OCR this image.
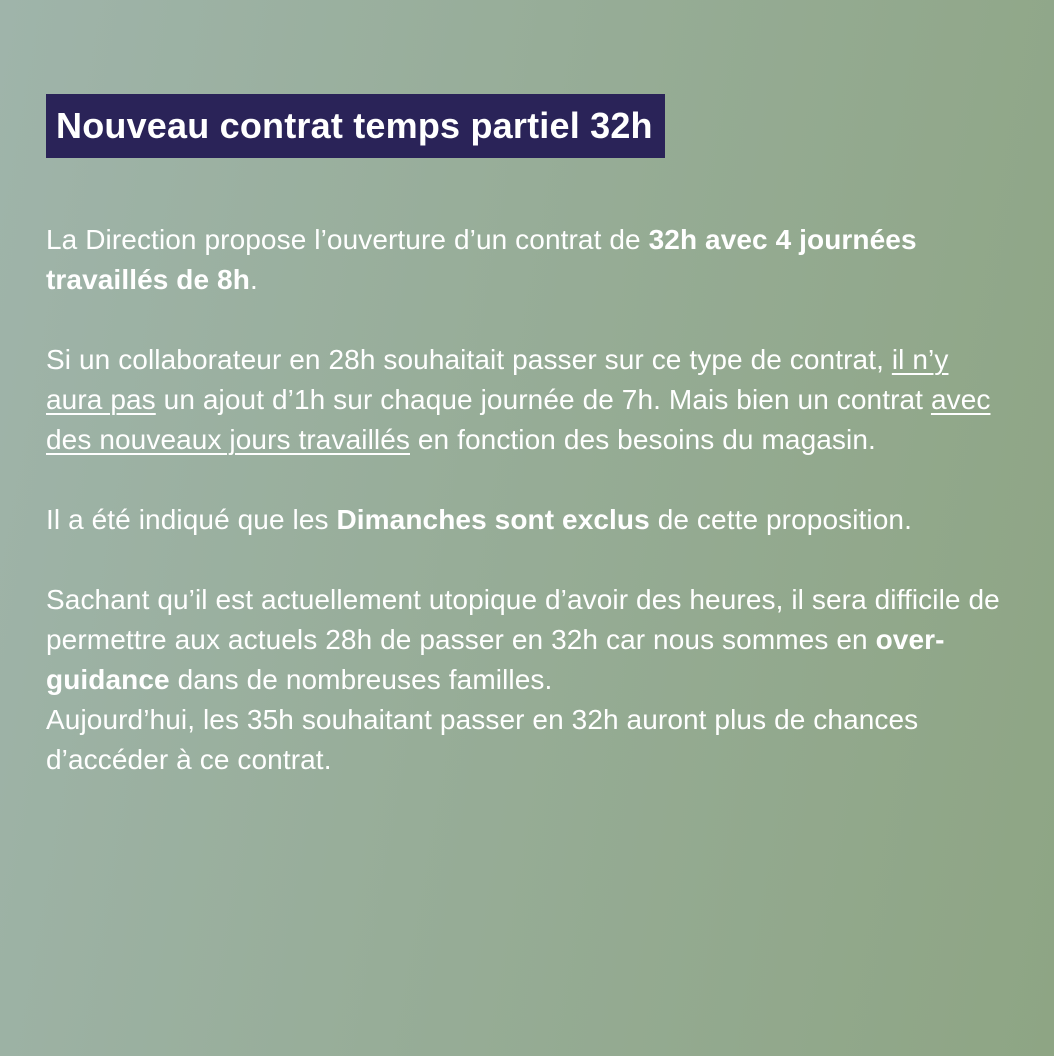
Nouveau contrat temps partiel 32h

La Direction propose l’ouverture d’un contrat de 32h avec 4 journées travaillés de 8h.

Si un collaborateur en 28h souhaitait passer sur ce type de contrat, il n’y aura pas un ajout d’1h sur chaque journée de 7h. Mais bien un contrat avec des nouveaux jours travaillés en fonction des besoins du magasin.

Il a été indiqué que les Dimanches sont exclus de cette proposition.

Sachant qu’il est actuellement utopique d’avoir des heures, il sera difficile de permettre aux actuels 28h de passer en 32h car nous sommes en over-guidance dans de nombreuses familles.

Aujourd’hui, les 35h souhaitant passer en 32h auront plus de chances d’accéder à ce contrat.
